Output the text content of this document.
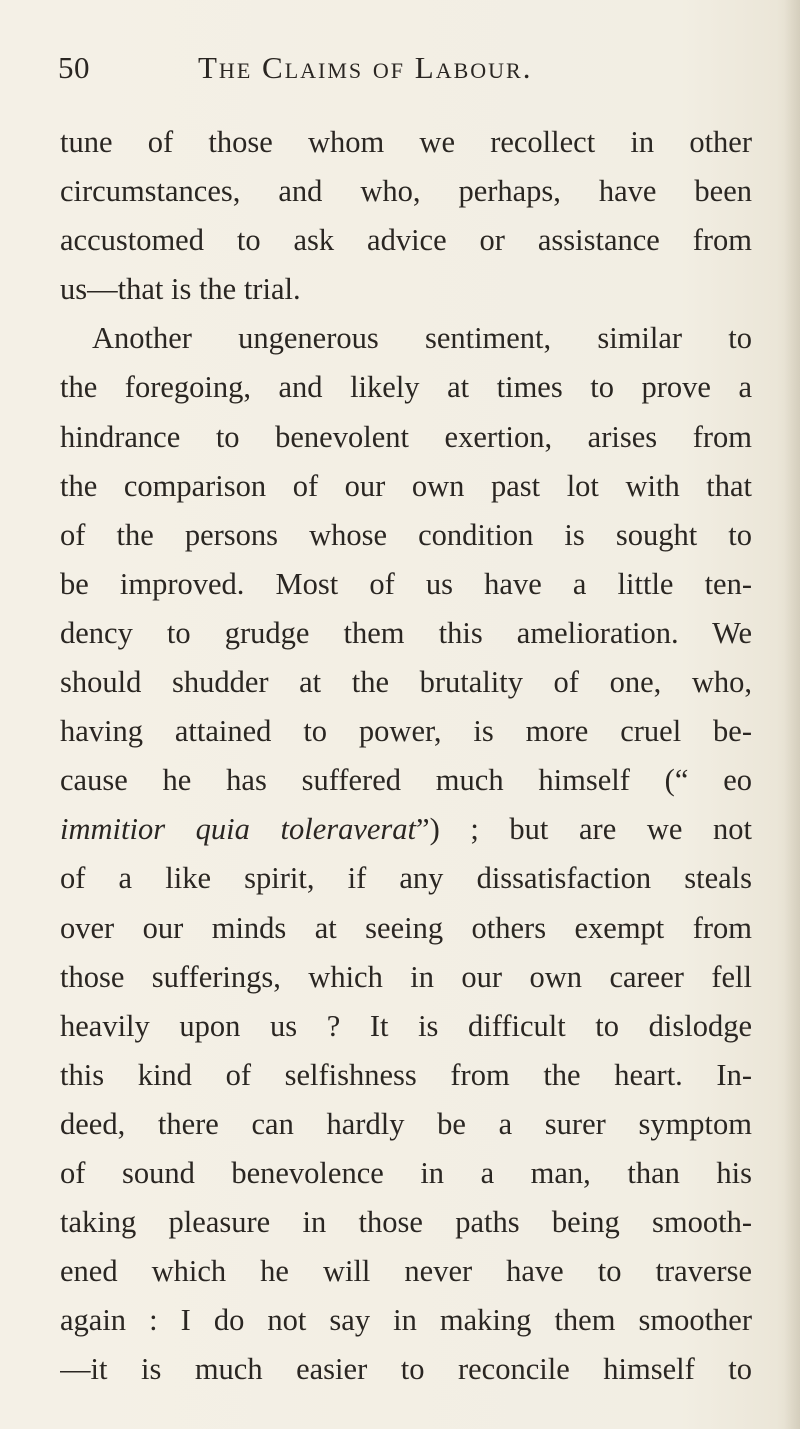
50	The Claims of Labour.
tune of those whom we recollect in other
circumstances, and who, perhaps, have been
accustomed to ask advice or assistance from
us—that is the trial.
Another ungenerous sentiment, similar to
the foregoing, and likely at times to prove a
hindrance to benevolent exertion, arises from
the comparison of our own past lot with that
of the persons whose condition is sought to
be improved. Most of us have a little ten-
dency to grudge them this amelioration. We
should shudder at the brutality of one, who,
having attained to power, is more cruel be-
cause he has suffered much himself (“ eo
immitior quia toleraverat”) ; but are we not
of a like spirit, if any dissatisfaction steals
over our minds at seeing others exempt from
those sufferings, which in our own career fell
heavily upon us ? It is difficult to dislodge
this kind of selfishness from the heart. In-
deed, there can hardly be a surer symptom
of sound benevolence in a man, than his
taking pleasure in those paths being smooth-
ened which he will never have to traverse
again : I do not say in making them smoother
—it is much easier to reconcile himself to
